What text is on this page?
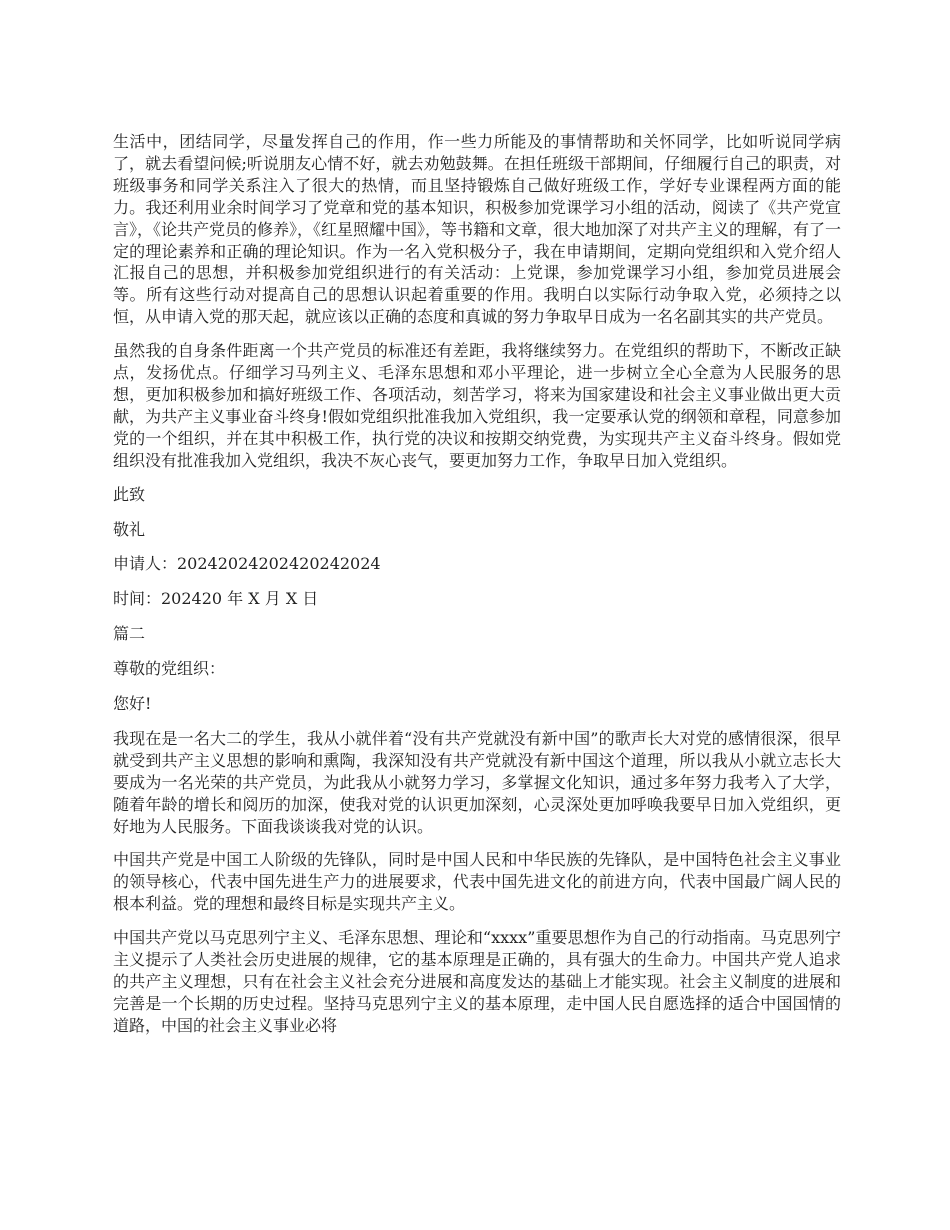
生活中，团结同学，尽量发挥自己的作用，作一些力所能及的事情帮助和关怀同学，比如听说同学病了，就去看望问候;听说朋友心情不好，就去劝勉鼓舞。在担任班级干部期间，仔细履行自己的职责，对班级事务和同学关系注入了很大的热情，而且坚持锻炼自己做好班级工作，学好专业课程两方面的能力。我还利用业余时间学习了党章和党的基本知识，积极参加党课学习小组的活动，阅读了《共产党宣言》，《论共产党员的修养》，《红星照耀中国》，等书籍和文章，很大地加深了对共产主义的理解，有了一定的理论素养和正确的理论知识。作为一名入党积极分子，我在申请期间，定期向党组织和入党介绍人汇报自己的思想，并积极参加党组织进行的有关活动：上党课，参加党课学习小组，参加党员进展会等。所有这些行动对提高自己的思想认识起着重要的作用。我明白以实际行动争取入党，必须持之以恒，从申请入党的那天起，就应该以正确的态度和真诚的努力争取早日成为一名名副其实的共产党员。

虽然我的自身条件距离一个共产党员的标准还有差距，我将继续努力。在党组织的帮助下，不断改正缺点，发扬优点。仔细学习马列主义、毛泽东思想和邓小平理论，进一步树立全心全意为人民服务的思想，更加积极参加和搞好班级工作、各项活动，刻苦学习，将来为国家建设和社会主义事业做出更大贡献，为共产主义事业奋斗终身!假如党组织批准我加入党组织，我一定要承认党的纲领和章程，同意参加党的一个组织，并在其中积极工作，执行党的决议和按期交纳党费，为实现共产主义奋斗终身。假如党组织没有批准我加入党组织，我决不灰心丧气，要更加努力工作，争取早日加入党组织。

此致

敬礼

申请人：20242024202420242024

时间：202420 年 X 月 X 日

篇二

尊敬的党组织：

您好!

我现在是一名大二的学生，我从小就伴着“没有共产党就没有新中国”的歌声长大对党的感情很深，很早就受到共产主义思想的影响和熏陶，我深知没有共产党就没有新中国这个道理，所以我从小就立志长大要成为一名光荣的共产党员，为此我从小就努力学习，多掌握文化知识，通过多年努力我考入了大学，随着年龄的增长和阅历的加深，使我对党的认识更加深刻，心灵深处更加呼唤我要早日加入党组织，更好地为人民服务。下面我谈谈我对党的认识。

中国共产党是中国工人阶级的先锋队，同时是中国人民和中华民族的先锋队，是中国特色社会主义事业的领导核心，代表中国先进生产力的进展要求，代表中国先进文化的前进方向，代表中国最广阔人民的根本利益。党的理想和最终目标是实现共产主义。

中国共产党以马克思列宁主义、毛泽东思想、理论和“xxxx”重要思想作为自己的行动指南。马克思列宁主义提示了人类社会历史进展的规律，它的基本原理是正确的，具有强大的生命力。中国共产党人追求的共产主义理想，只有在社会主义社会充分进展和高度发达的基础上才能实现。社会主义制度的进展和完善是一个长期的历史过程。坚持马克思列宁主义的基本原理，走中国人民自愿选择的适合中国国情的道路，中国的社会主义事业必将
